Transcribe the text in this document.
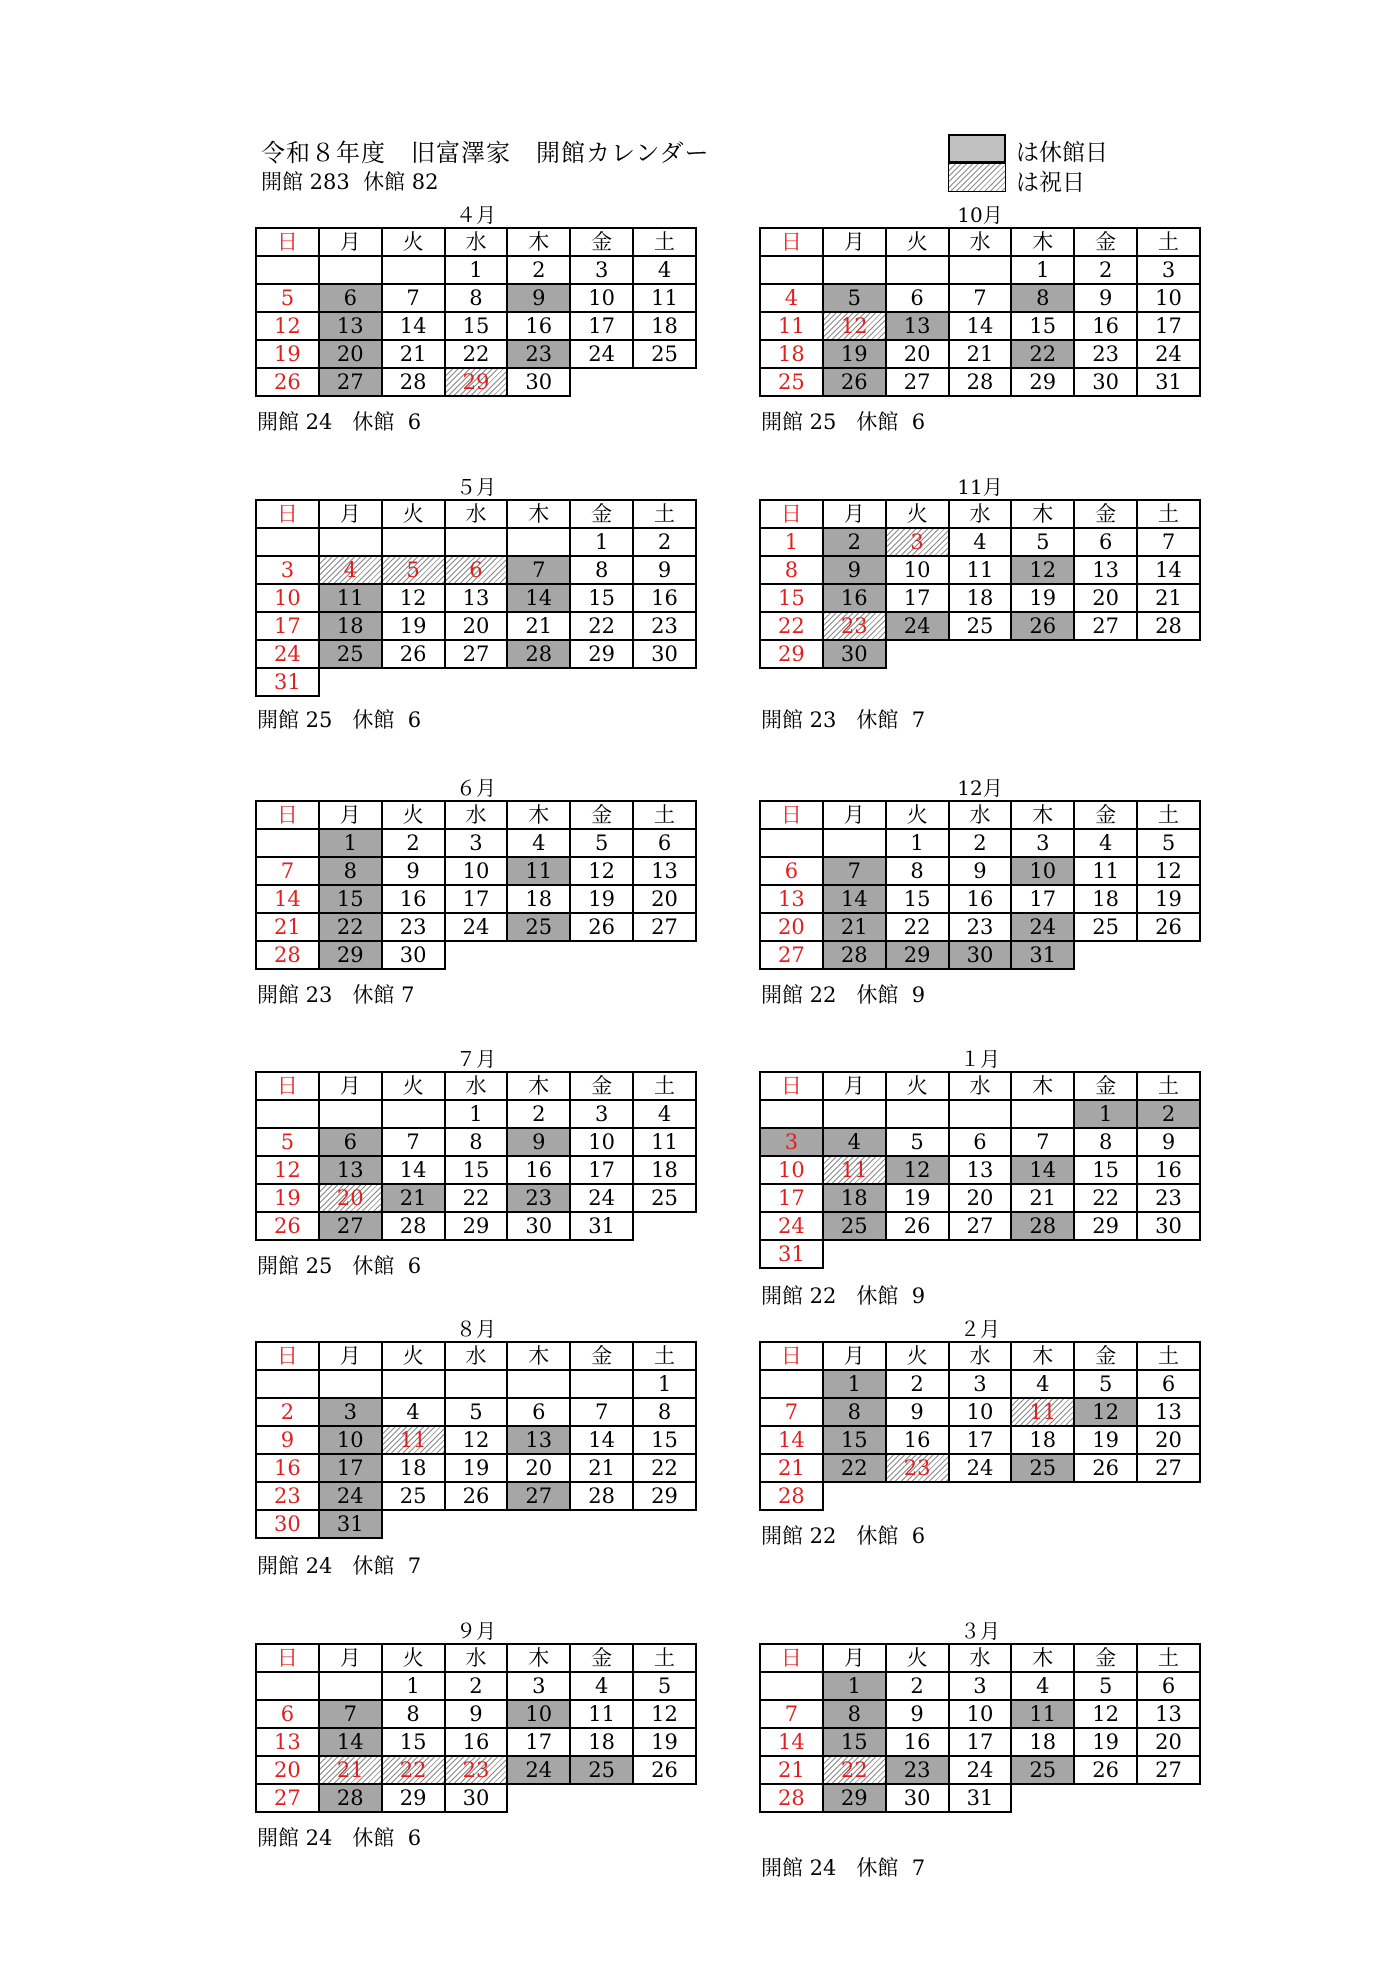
令和８年度　旧富澤家　開館カレンダー
開館 283  休館 82
は休館日
は祝日
４月
日	月	火	水	木	金	土
			1	2	3	4
5	6	7	8	9	10	11
12	13	14	15	16	17	18
19	20	21	22	23	24	25
26	27	28	29	30		
開館 24   休館  6
10月
日	月	火	水	木	金	土
				1	2	3
4	5	6	7	8	9	10
11	12	13	14	15	16	17
18	19	20	21	22	23	24
25	26	27	28	29	30	31
開館 25   休館  6
５月
日	月	火	水	木	金	土
					1	2
3	4	5	6	7	8	9
10	11	12	13	14	15	16
17	18	19	20	21	22	23
24	25	26	27	28	29	30
31						
開館 25   休館  6
11月
日	月	火	水	木	金	土
1	2	3	4	5	6	7
8	9	10	11	12	13	14
15	16	17	18	19	20	21
22	23	24	25	26	27	28
29	30					
開館 23   休館  7
６月
日	月	火	水	木	金	土
	1	2	3	4	5	6
7	8	9	10	11	12	13
14	15	16	17	18	19	20
21	22	23	24	25	26	27
28	29	30				
開館 23   休館 7
12月
日	月	火	水	木	金	土
		1	2	3	4	5
6	7	8	9	10	11	12
13	14	15	16	17	18	19
20	21	22	23	24	25	26
27	28	29	30	31		
開館 22   休館  9
７月
日	月	火	水	木	金	土
			1	2	3	4
5	6	7	8	9	10	11
12	13	14	15	16	17	18
19	20	21	22	23	24	25
26	27	28	29	30	31	
開館 25   休館  6
１月
日	月	火	水	木	金	土
					1	2
3	4	5	6	7	8	9
10	11	12	13	14	15	16
17	18	19	20	21	22	23
24	25	26	27	28	29	30
31						
開館 22   休館  9
８月
日	月	火	水	木	金	土
						1
2	3	4	5	6	7	8
9	10	11	12	13	14	15
16	17	18	19	20	21	22
23	24	25	26	27	28	29
30	31					
開館 24   休館  7
２月
日	月	火	水	木	金	土
	1	2	3	4	5	6
7	8	9	10	11	12	13
14	15	16	17	18	19	20
21	22	23	24	25	26	27
28						
開館 22   休館  6
９月
日	月	火	水	木	金	土
		1	2	3	4	5
6	7	8	9	10	11	12
13	14	15	16	17	18	19
20	21	22	23	24	25	26
27	28	29	30			
開館 24   休館  6
３月
日	月	火	水	木	金	土
	1	2	3	4	5	6
7	8	9	10	11	12	13
14	15	16	17	18	19	20
21	22	23	24	25	26	27
28	29	30	31			
開館 24   休館  7
